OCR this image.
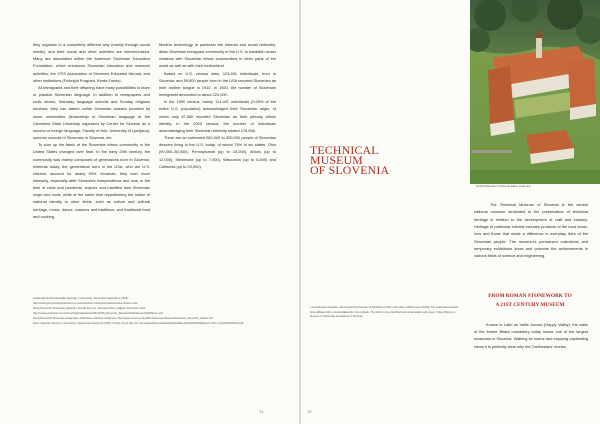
they organize in a completely different way (mainly through social media), and their social and other activities are interest-based. Many are associated within the American Slovenian Education Foundation, which enhances Slovenian education and research activities, the VTIS Association of Slovenes Educated Abroad, and other institutions (Fulbright Program, Kerde Funds).

All immigrants and their offspring have many possibilities to learn or practice Slovenian language. In addition to newspapers and radio shows, Saturday language schools and Sunday religious services, they can attend online Slovenian classes provided by some universities (lectureship of Slovenian language at the Cleveland State University organized by Center for Slovene as a second or foreign language, Faculty of Arts, University of Ljubljana), summer schools of Slovenian in Slovenia, etc.

To sum up the fabric of the Slovenian ethnic community in the United States changed over time. In the early 20th century, the community was mainly composed of generations born in Slovenia, whereas today, the generations born in the USA, who are U.S. citizens, account for nearly 90%. However, they ever more intensely, especially after Slovenia's independence and now, in the time of crisis and pandemic, explore and manifest their Slovenian origin and roots, while at the same time repositioning the notion of national identity to other fields, such as culture and cultural heritage, music, dance, customs and traditions, and traditional food and cooking.

Modern technology, in particular the Internet and social networks, allow Slovenian immigrant community in the U.S. to establish closer relations with Slovenian ethnic communities in other parts of the world as well as with their motherland.

Based on U.S. census data, 123,631 individuals, born in Slovenia, and 59,800 people born in the USA reported Slovenian as their mother tongue in 1910. In 1920, the number of Slovenian immigrants amounted to about 220,000.

In the 1990 census, barely 124,437 individuals (0.05% of the entire U.S. population) acknowledged their Slovenian origin, of which only 87,580 reported Slovenian as their primary ethnic identity. In the 2000 census, the number of individuals acknowledging their Slovenian ethnicity totaled 176,696.

There are an estimated 260,000 to 300,000 people of Slovenian descent living in the U.S. today, of whom 75% in six states: Ohio (90,000–80,000), Pennsylvania (up to 15,000), Illinois (up to 12,000), Minnesota (up to 7,000), Wisconsin (up to 6,500) and California (up to 20,000).

Izseljenska društva Republike Slovenije v Clevelandu. Slovenska izseljenska 1 (2019).
https://www.gov.si/podrocja/slovenci-po-svetu/slovenci-zunaj-slovenije/slovenske-drzave-v-zda
Nezaj Klemenčič, Slovenska migracija v Ameriki Soj zvez. Slovenija 2019, Ljubljana: Slovensko, 2021.
http://ceecleemslovene.ver.umbc.edu/ppbooks/about/256112769_Klemencic_Slovene%20Settlements%20Sloven.pdf
Nezaj Klemenčič, Slovenska izseljenska v ZDA danes dobrotnik izseljencev, http://www2.arnes.si/~hkrelili/Conferences/Slovene/Klemencic_Slovenian_Settlers.htm
Janez Stanonik, Slovenci v Clevelandu. Zgodovinski časopis 51 (1997) 3 (104), 21-24, Bicc 2/1: Clevelandu/Slovenski/Enaki/Nešto/Besedilo%20PDFP94Slovar-4761-1-13:101990145101.pdf
71
Technical Museum of Slovenia, Bistra, aerial view
TECHNICAL
MUSEUM
OF SLOVENIA

The Technical Museum of Slovenia is the central national museum dedicated to the preservation of technical heritage in relation to the development of craft and industry. Heritage of particular interest includes products of the local know-how and those that made a difference in everyday lives of the Slovenian people. The museum's permanent collections and temporary exhibitions show and promote the achievements in various fields of science and engineering.

FROM ROMAN STONEWORK TO
A 21ST CENTURY MUSEUM

Known in Latin as Vallis Jocosa (Happy Valley), the walls of the former Bistra monastery today house one of the largest museums in Slovenia. Walking its rooms and enjoying captivating views it is perfectly clear why the Carthusians' monks,

1 A Carthusian monastery was founded by Duke Ahn of Carinthia in 1260 in the valley of Bistra near Vrhnika. The Carthusians wanted to be affiliated with a contemplative life in the solitude. The order's rules prescribed self-contemplation and prayer. Today, Bistra is a Museum of Carthusian monasteries in Slovenia.
72
